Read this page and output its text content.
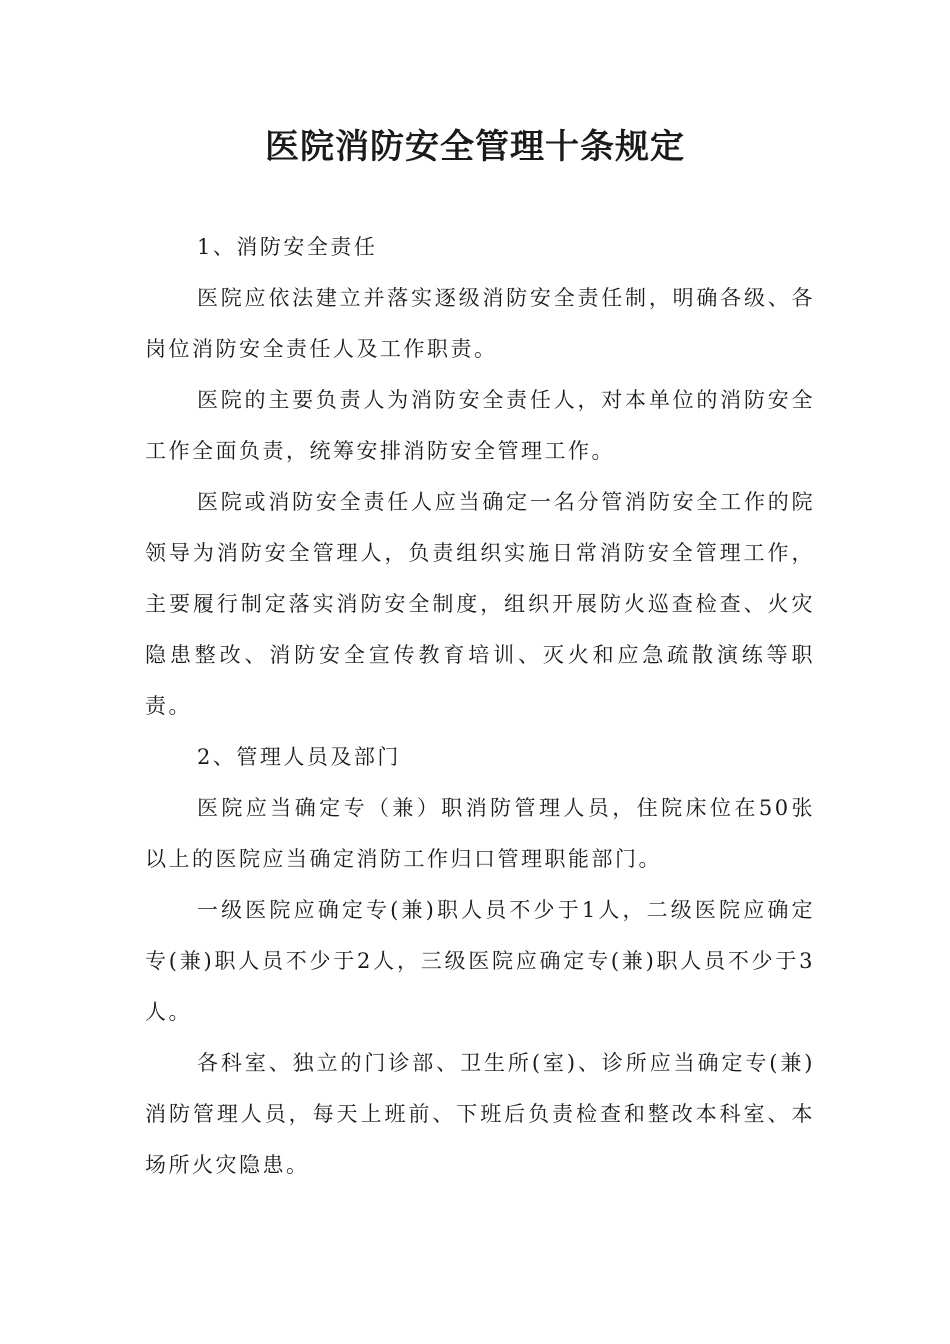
医院消防安全管理十条规定

1、消防安全责任

医院应依法建立并落实逐级消防安全责任制，明确各级、各岗位消防安全责任人及工作职责。

医院的主要负责人为消防安全责任人，对本单位的消防安全工作全面负责，统筹安排消防安全管理工作。

医院或消防安全责任人应当确定一名分管消防安全工作的院领导为消防安全管理人，负责组织实施日常消防安全管理工作，主要履行制定落实消防安全制度，组织开展防火巡查检查、火灾隐患整改、消防安全宣传教育培训、灭火和应急疏散演练等职责。

2、管理人员及部门

医院应当确定专（兼）职消防管理人员，住院床位在50张以上的医院应当确定消防工作归口管理职能部门。

一级医院应确定专(兼)职人员不少于1人，二级医院应确定专(兼)职人员不少于2人，三级医院应确定专(兼)职人员不少于3人。

各科室、独立的门诊部、卫生所(室)、诊所应当确定专(兼)消防管理人员，每天上班前、下班后负责检查和整改本科室、本场所火灾隐患。
